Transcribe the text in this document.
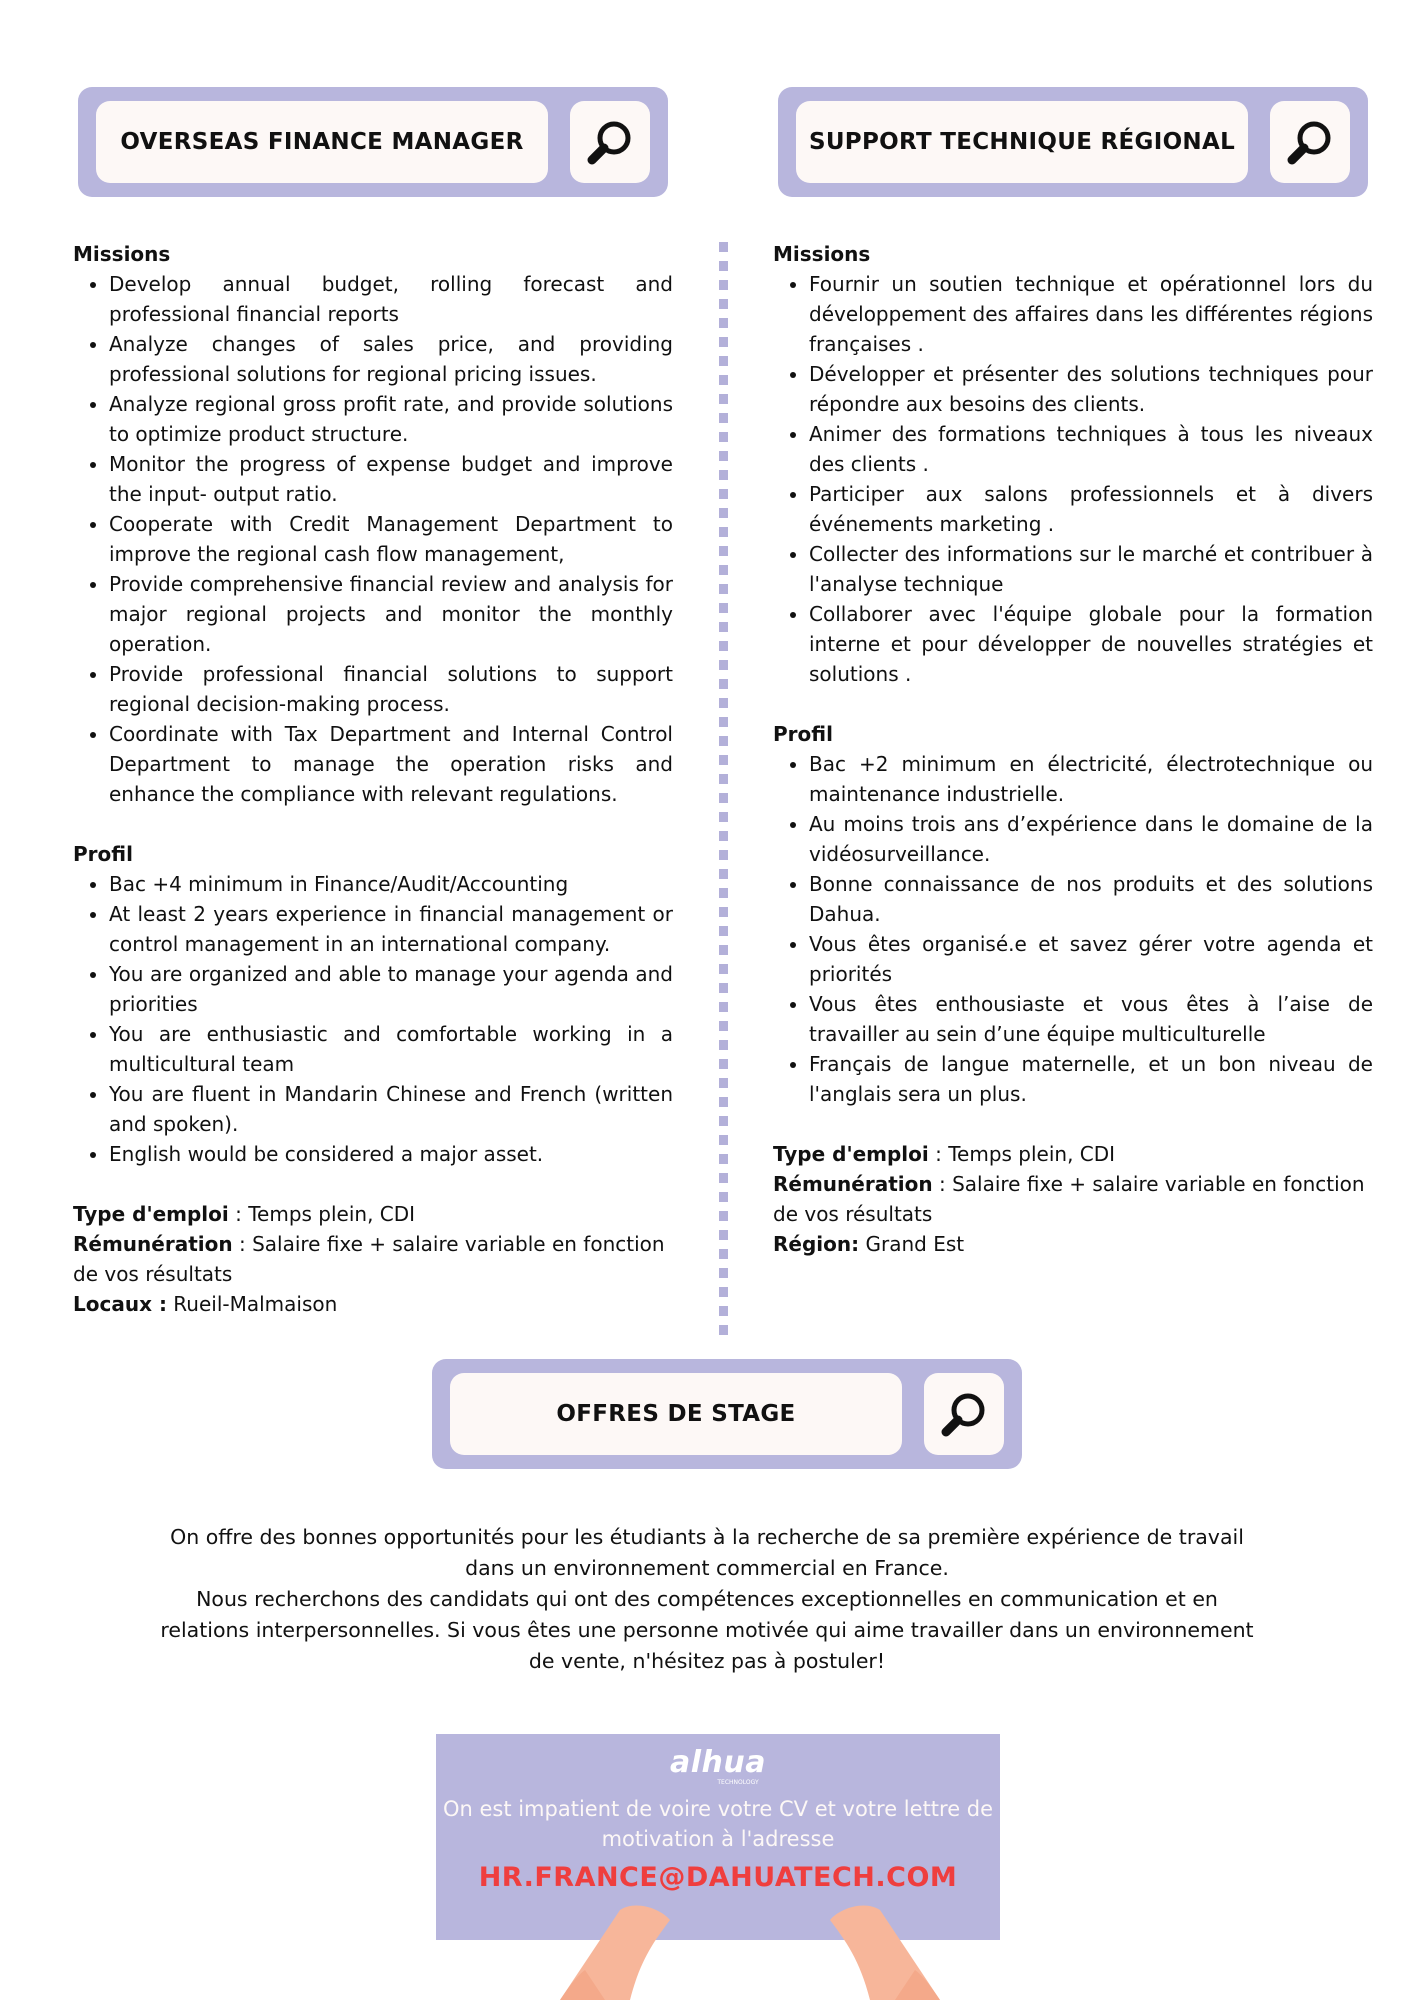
OVERSEAS FINANCE MANAGER	SUPPORT TECHNIQUE RÉGIONAL
Missions
• Develop annual budget, rolling forecast and professional financial reports
• Analyze changes of sales price, and providing professional solutions for regional pricing issues.
• Analyze regional gross profit rate, and provide solutions to optimize product structure.
• Monitor the progress of expense budget and improve the input- output ratio.
• Cooperate with Credit Management Department to improve the regional cash flow management,
• Provide comprehensive financial review and analysis for major regional projects and monitor the monthly operation.
• Provide professional financial solutions to support regional decision-making process.
• Coordinate with Tax Department and Internal Control Department to manage the operation risks and enhance the compliance with relevant regulations.
Profil
• Bac +4 minimum in Finance/Audit/Accounting
• At least 2 years experience in financial management or control management in an international company.
• You are organized and able to manage your agenda and priorities
• You are enthusiastic and comfortable working in a multicultural team
• You are fluent in Mandarin Chinese and French (written and spoken).
• English would be considered a major asset.

Type d'emploi : Temps plein, CDI

Rémunération : Salaire fixe + salaire variable en fonction de vos résultats

Locaux : Rueil-Malmaison

Missions
• Fournir un soutien technique et opérationnel lors du développement des affaires dans les différentes régions françaises .
• Développer et présenter des solutions techniques pour répondre aux besoins des clients.
• Animer des formations techniques à tous les niveaux des clients .
• Participer aux salons professionnels et à divers événements marketing .
• Collecter des informations sur le marché et contribuer à l'analyse technique
• Collaborer avec l'équipe globale pour la formation interne et pour développer de nouvelles stratégies et solutions .
Profil
• Bac +2 minimum en électricité, électrotechnique ou maintenance industrielle.
• Au moins trois ans d’expérience dans le domaine de la vidéosurveillance.
• Bonne connaissance de nos produits et des solutions Dahua.
• Vous êtes organisé.e et savez gérer votre agenda et priorités
• Vous êtes enthousiaste et vous êtes à l’aise de travailler au sein d’une équipe multiculturelle
• Français de langue maternelle, et un bon niveau de l'anglais sera un plus.

Type d'emploi : Temps plein, CDI

Rémunération : Salaire fixe + salaire variable en fonction de vos résultats

Région: Grand Est

OFFRES DE STAGE

On offre des bonnes opportunités pour les étudiants à la recherche de sa première expérience de travail dans un environnement commercial en France.

Nous recherchons des candidats qui ont des compétences exceptionnelles en communication et en relations interpersonnelles. Si vous êtes une personne motivée qui aime travailler dans un environnement de vente, n'hésitez pas à postuler!

alhua
TECHNOLOGY
On est impatient de voire votre CV et votre lettre de motivation à l'adresse
HR.FRANCE@DAHUATECH.COM
